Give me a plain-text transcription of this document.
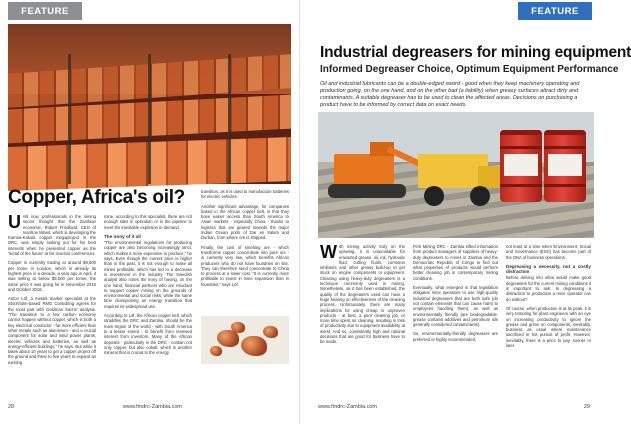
FEATURE
Copper, Africa's oil?
U ntil now, professionals in the mining sector thought that the Zambian economic, Robert Friedland, CEO of Ivanhoe Mines, which is developing the Kamoa-Kakula copper megaproject in the DRC, was simply looking out for his best interests when he presented copper as the 'metal of the future' at his investor conferences.

Copper is currently trading at around $9,500 per tonne in London, which is already its highest price in a decade, a year ago in April, it was selling at below $5,000 per tonne, the same price it was going for in November 2015 and October 2016.

Anton Löf, a metals market specialist at the Stockholm-based RMG Consulting agrees for the most part with Goldman Sachs' analysis. "The transition to a low carbon economy cannot happen without copper, which is both a key electrical conductor - far more efficient than other metals such as aluminium - and a crucial component for solar and wind power plants, electric vehicles and batteries, as well as energy-efficient buildings," he says. But while it takes about 10 years to get a copper project off the ground and three to five years to expand an existing

mine, according to this specialist, there are not enough sites in operation or in the pipeline to meet the inevitable explosion in demand.

The irony of it all

"The environmental regulations for producing copper are also becoming increasingly strict, which makes it more expensive to produce," he says. Even though the current price is higher than in the past, it is not enough to make all mines profitable, which has led to a decrease in investment in the industry. The Swedish analyst also notes the irony of having, on the one hand, financial partners who are reluctant to support copper mining on the grounds of environmental and social risks, while the same time championing an energy transition that requires its widespread use.

According to Löf, the African copper belt, which straddles the DRC and Zambia, should be the main region of the world - with South America to a lesser extent - to benefit from renewed interest from investors. Many of the African deposits - particularly in the DRC - contain not only copper, but also cobalt, which is another mineral that is crucial to the energy

transition, as it is used to manufacture batteries for electric vehicles.

Another significant advantage, for companies based in the African copper belt, is that they have easier access than South America to Asian markets - especially China - thanks to logistics that are geared towards the major Indian Ocean ports of Dar es Salam and Durban, from where ore is shipped.

Finally, the cost of smelting ore - which transforms copper concentrate into pure ore - is currently very low, which benefits African producers who do not have foundries on site. They can therefore send concentrate to China to process at a lower cost. "It is currently more profitable to invest in mine expansion than in foundries," says Löf.

28	www.fmdrc-Zambia.com
FEATURE
Industrial degreasers for mining equipment
Informed Degreaser Choice, Optimum Equipment Performance
Oil and industrial lubricants can be a double-edged sword - good when they keep machinery operating and production going, on the one hand, and on the other bad (a liability) when greasy surfaces attract dirty and contaminants. A suitable degreaser has to be used to clean the affected areas. Decisions on purchasing a product have to be informed by correct data on exact needs.
W ith mining activity truly on the upswing, it is unavoidable for unwanted grease, oil, ink, hydraulic fluid, cutting fluids, corrosion inhibitors and other greasy build-up to get stuck on engine components or equipment. Cleaning using heavy-duty degreasers is a technique commonly used in mining. Nonetheless, as it has been established, the quality of the degreasers used can have a huge bearing on effectiveness of the cleaning process. Unfortunately, there are many implications for using cheap or unproven products - at best, a poor cleaning job, or more time spent on cleaning, resulting in loss of productivity due to equipment availability at worst. And so, consistently high and rational decisions that are good for business have to be made.

First Mining DRC - Zambia sifted information from product managers of suppliers of heavy-duty degreasers to mines in Zambia and the Democratic Republic of Congo to find out what properties of products would perform better cleaning job in contemporary mining conditions.

Eventually, what emerged is that legislation obligates mine operators to use high-quality industrial degreasers that are both safe (do not contain elements that can cause harm to employees handling them), as well as environmentally friendly (are biodegradable, grease contains additives and petroleum oils generally considered contaminants).

So, environmentally-friendly degreasers are preferred or highly recommended,

not least at a time when Environment, Social and Governance (ESG) has become part of the DNA of business operations.

Degreasing a necessity, not a costly distraction

Before delving into what would make good degreasers for the current mining conditions it is important to ask: Is degreasing a distraction to production a mine operator can do without?

Of course, when production is at its peak, it is very tempting for plant engineers with an eye on increasing productivity to ignore the grease and grime on components, inevitably, business as usual where maintenance sacrificed in hot pursuit of profit. However, inevitably, there is a price to pay, sooner or later.

www.fmdrc-Zambia.com	29
